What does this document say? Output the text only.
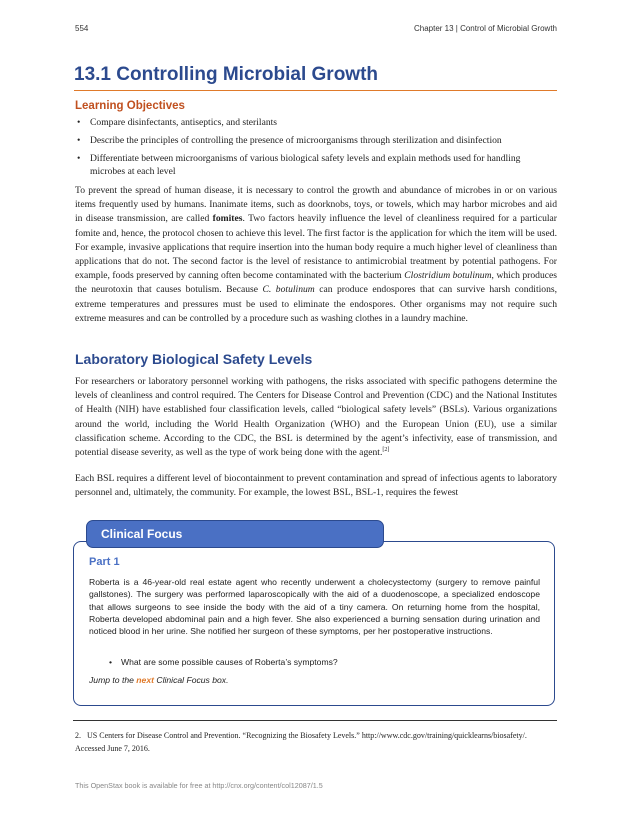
554	Chapter 13 | Control of Microbial Growth
13.1 Controlling Microbial Growth
Learning Objectives
• Compare disinfectants, antiseptics, and sterilants
• Describe the principles of controlling the presence of microorganisms through sterilization and disinfection
• Differentiate between microorganisms of various biological safety levels and explain methods used for handling microbes at each level

To prevent the spread of human disease, it is necessary to control the growth and abundance of microbes in or on various items frequently used by humans. Inanimate items, such as doorknobs, toys, or towels, which may harbor microbes and aid in disease transmission, are called fomites. Two factors heavily influence the level of cleanliness required for a particular fomite and, hence, the protocol chosen to achieve this level. The first factor is the application for which the item will be used. For example, invasive applications that require insertion into the human body require a much higher level of cleanliness than applications that do not. The second factor is the level of resistance to antimicrobial treatment by potential pathogens. For example, foods preserved by canning often become contaminated with the bacterium Clostridium botulinum, which produces the neurotoxin that causes botulism. Because C. botulinum can produce endospores that can survive harsh conditions, extreme temperatures and pressures must be used to eliminate the endospores. Other organisms may not require such extreme measures and can be controlled by a procedure such as washing clothes in a laundry machine.

Laboratory Biological Safety Levels

For researchers or laboratory personnel working with pathogens, the risks associated with specific pathogens determine the levels of cleanliness and control required. The Centers for Disease Control and Prevention (CDC) and the National Institutes of Health (NIH) have established four classification levels, called “biological safety levels” (BSLs). Various organizations around the world, including the World Health Organization (WHO) and the European Union (EU), use a similar classification scheme. According to the CDC, the BSL is determined by the agent’s infectivity, ease of transmission, and potential disease severity, as well as the type of work being done with the agent.[2]

Each BSL requires a different level of biocontainment to prevent contamination and spread of infectious agents to laboratory personnel and, ultimately, the community. For example, the lowest BSL, BSL-1, requires the fewest

Clinical Focus
Part 1

Roberta is a 46-year-old real estate agent who recently underwent a cholecystectomy (surgery to remove painful gallstones). The surgery was performed laparoscopically with the aid of a duodenoscope, a specialized endoscope that allows surgeons to see inside the body with the aid of a tiny camera. On returning home from the hospital, Roberta developed abdominal pain and a high fever. She also experienced a burning sensation during urination and noticed blood in her urine. She notified her surgeon of these symptoms, per her postoperative instructions.

• What are some possible causes of Roberta’s symptoms?

Jump to the next Clinical Focus box.

2.   US Centers for Disease Control and Prevention. “Recognizing the Biosafety Levels.” http://www.cdc.gov/training/quicklearns/biosafety/. Accessed June 7, 2016.

This OpenStax book is available for free at http://cnx.org/content/col12087/1.5
